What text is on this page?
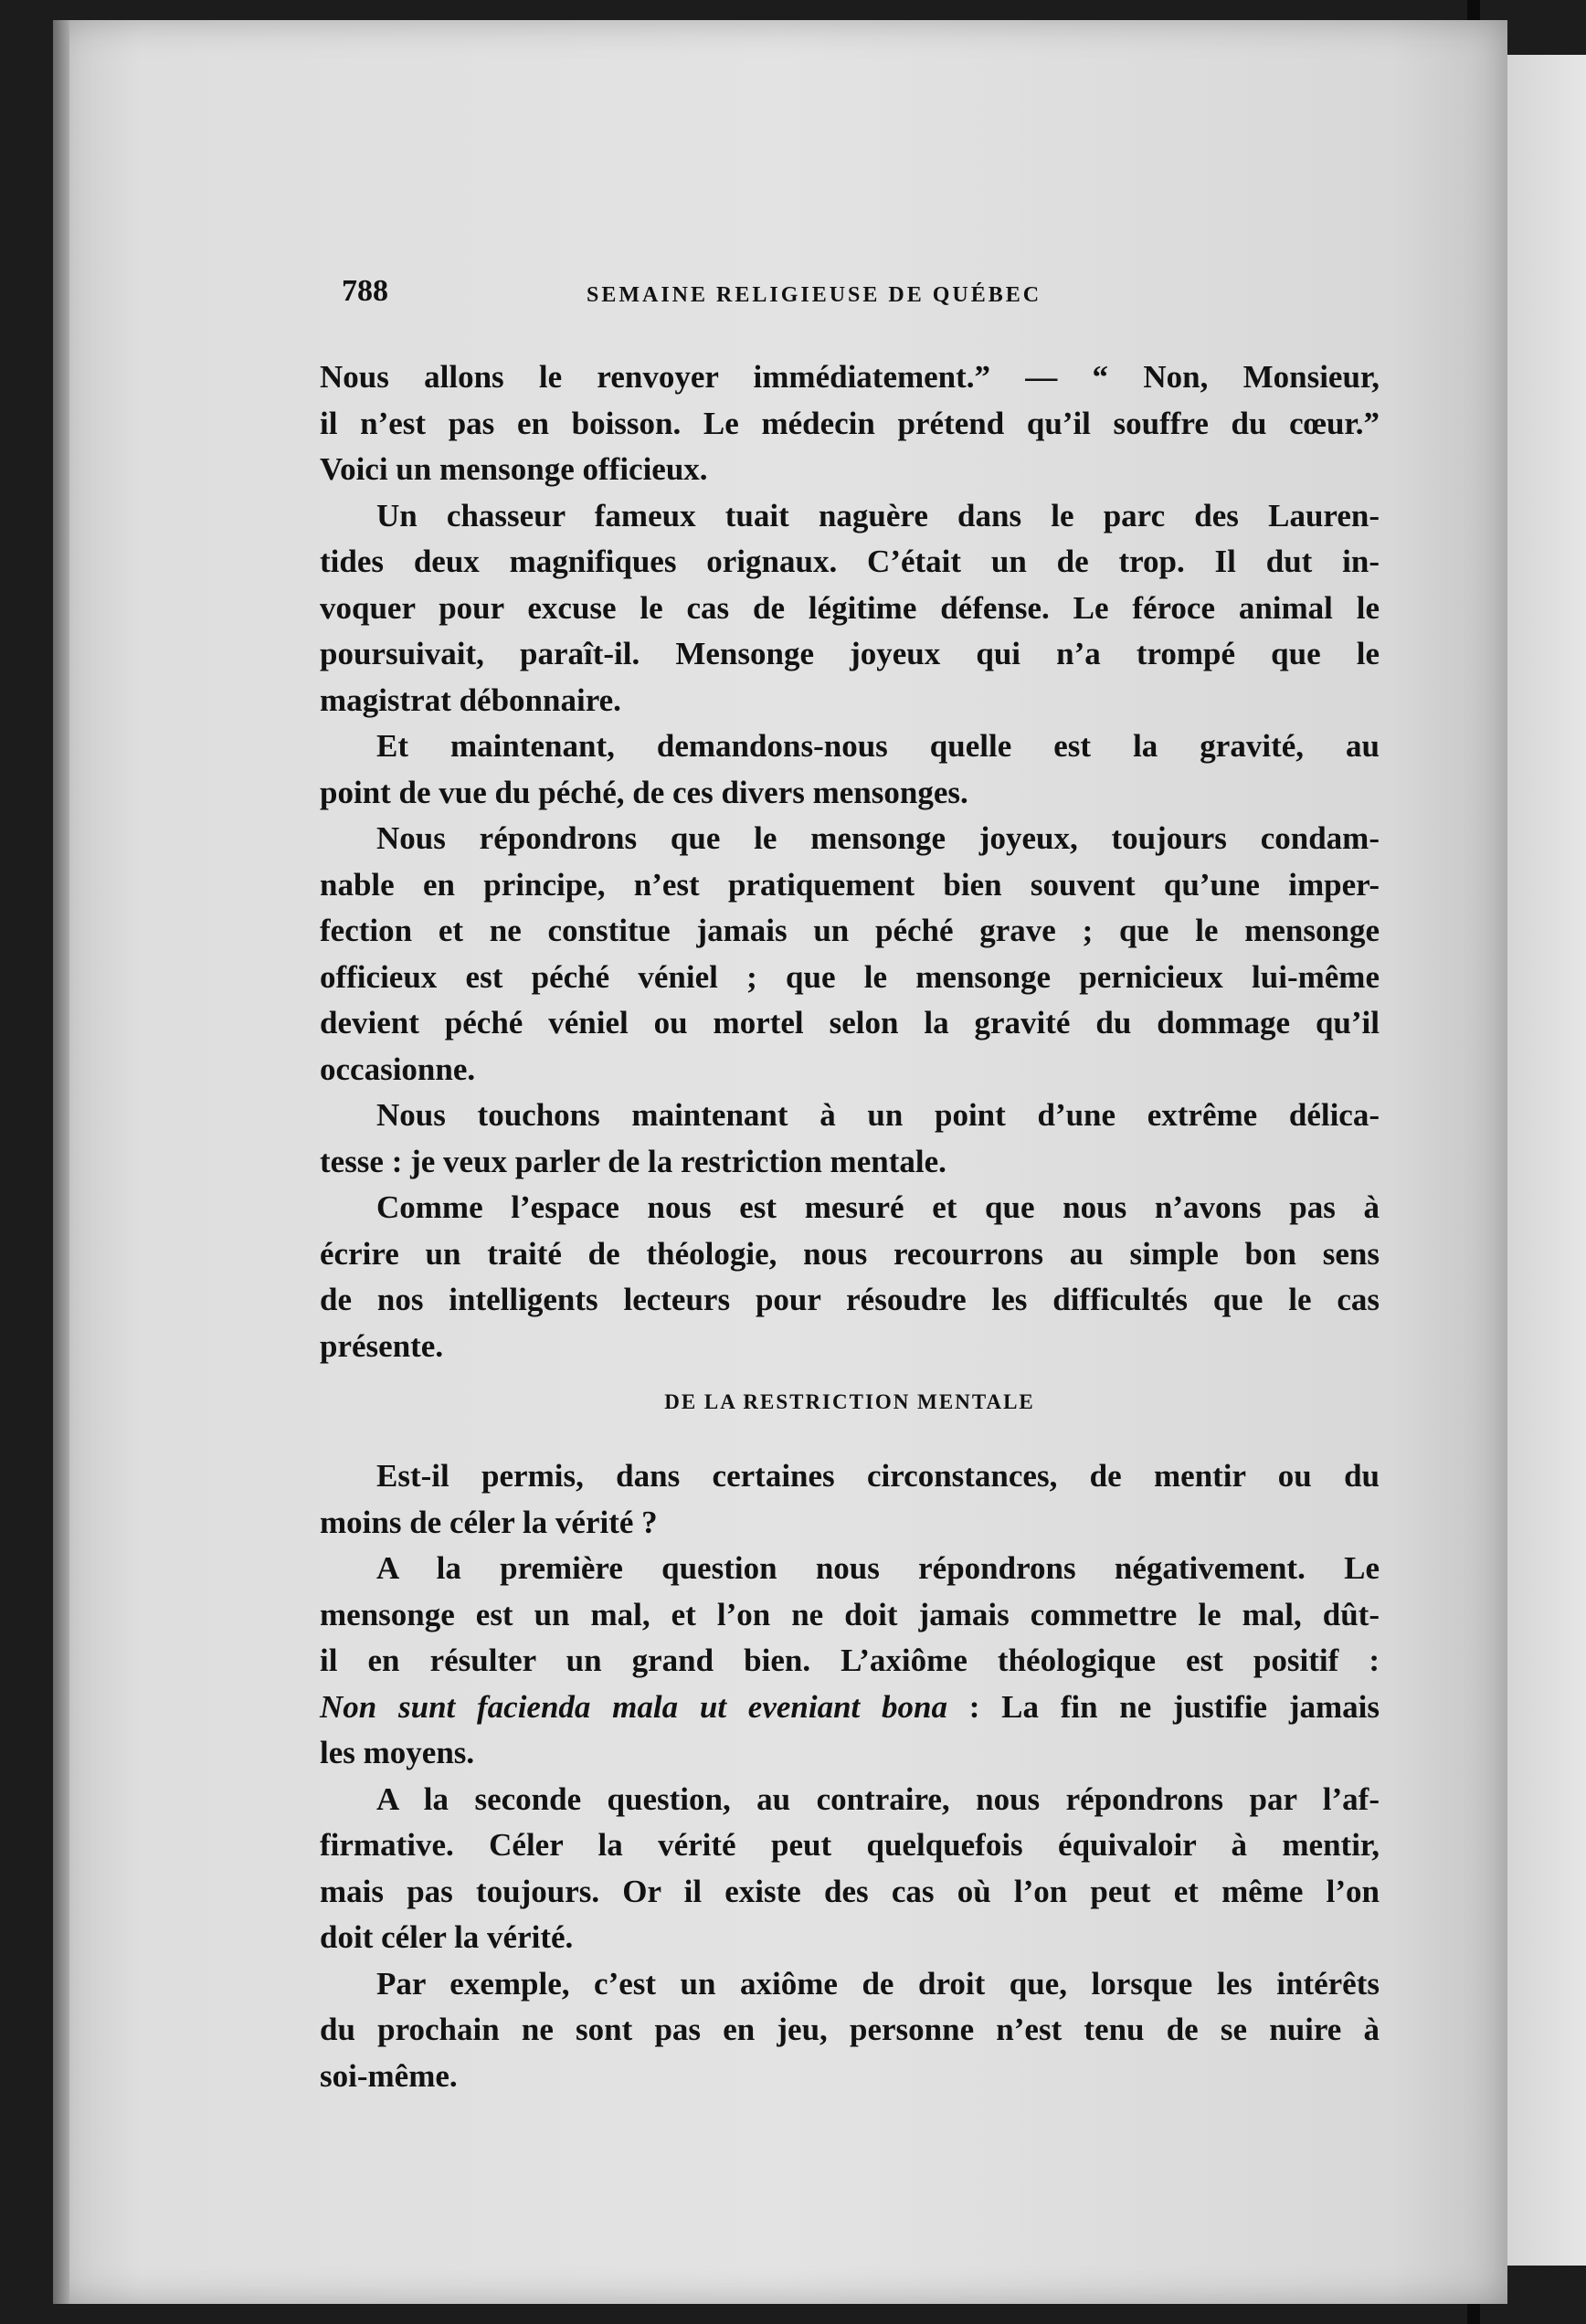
788	SEMAINE RELIGIEUSE DE QUÉBEC
Nous allons le renvoyer immédiatement.” — “ Non, Monsieur,
il n’est pas en boisson. Le médecin prétend qu’il souffre du cœur.”
Voici un mensonge officieux.
Un chasseur fameux tuait naguère dans le parc des Lauren-
tides deux magnifiques orignaux. C’était un de trop. Il dut in-
voquer pour excuse le cas de légitime défense. Le féroce animal le
poursuivait, paraît-il. Mensonge joyeux qui n’a trompé que le
magistrat débonnaire.
Et maintenant, demandons-nous quelle est la gravité, au
point de vue du péché, de ces divers mensonges.
Nous répondrons que le mensonge joyeux, toujours condam-
nable en principe, n’est pratiquement bien souvent qu’une imper-
fection et ne constitue jamais un péché grave ; que le mensonge
officieux est péché véniel ; que le mensonge pernicieux lui-même
devient péché véniel ou mortel selon la gravité du dommage qu’il
occasionne.
Nous touchons maintenant à un point d’une extrême délica-
tesse : je veux parler de la restriction mentale.
Comme l’espace nous est mesuré et que nous n’avons pas à
écrire un traité de théologie, nous recourrons au simple bon sens
de nos intelligents lecteurs pour résoudre les difficultés que le cas
présente.
DE LA RESTRICTION MENTALE
Est-il permis, dans certaines circonstances, de mentir ou du
moins de céler la vérité ?
A la première question nous répondrons négativement. Le
mensonge est un mal, et l’on ne doit jamais commettre le mal, dût-
il en résulter un grand bien. L’axiôme théologique est positif :
Non sunt facienda mala ut eveniant bona : La fin ne justifie jamais
les moyens.
A la seconde question, au contraire, nous répondrons par l’af-
firmative. Céler la vérité peut quelquefois équivaloir à mentir,
mais pas toujours. Or il existe des cas où l’on peut et même l’on
doit céler la vérité.
Par exemple, c’est un axiôme de droit que, lorsque les intérêts
du prochain ne sont pas en jeu, personne n’est tenu de se nuire à
soi-même.
